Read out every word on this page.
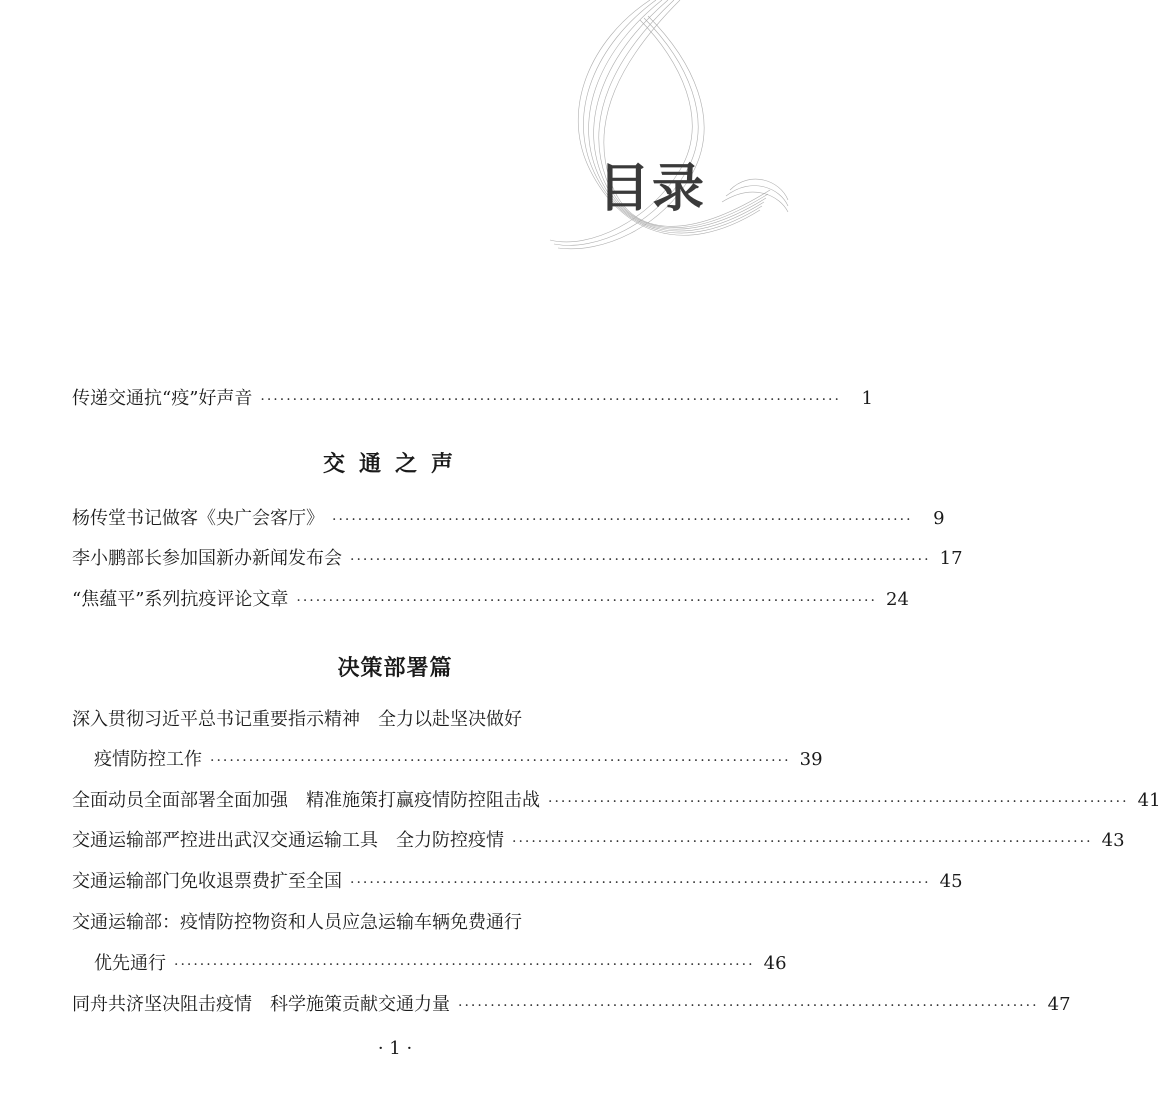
目录
传递交通抗“疫”好声音 ··························································································	1
交通之声
杨传堂书记做客《央广会客厅》 ··························································································	9
李小鹏部长参加国新办新闻发布会 ·························································································· 17
“焦蕴平”系列抗疫评论文章 ·························································································· 24
决策部署篇
深入贯彻习近平总书记重要指示精神　全力以赴坚决做好
疫情防控工作 ·························································································· 39
全面动员全面部署全面加强　精准施策打赢疫情防控阻击战 ·························································································· 41
交通运输部严控进出武汉交通运输工具　全力防控疫情 ·························································································· 43
交通运输部门免收退票费扩至全国 ·························································································· 45
交通运输部：疫情防控物资和人员应急运输车辆免费通行
优先通行 ·························································································· 46
同舟共济坚决阻击疫情　科学施策贡献交通力量 ·························································································· 47
· 1 ·
